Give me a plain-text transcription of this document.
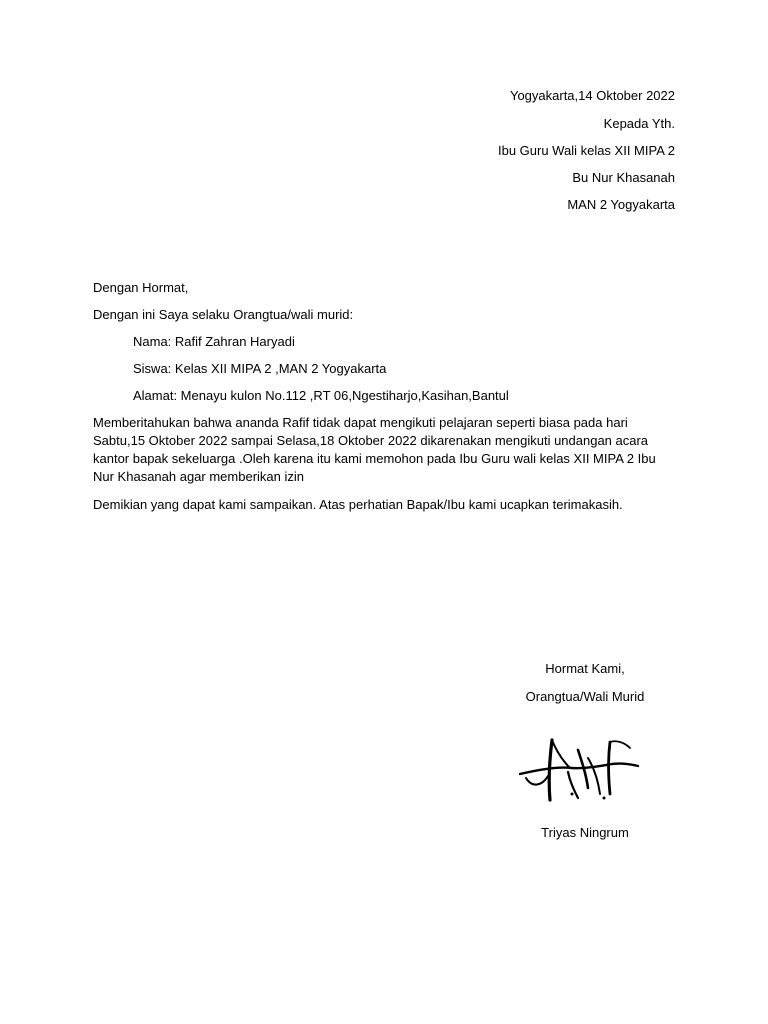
Yogyakarta,14 Oktober 2022
Kepada Yth.
Ibu Guru Wali kelas XII MIPA 2
Bu Nur Khasanah
MAN 2 Yogyakarta
Dengan Hormat,
Dengan ini Saya selaku Orangtua/wali murid:
Nama: Rafif Zahran Haryadi
Siswa: Kelas XII MIPA 2 ,MAN 2 Yogyakarta
Alamat: Menayu kulon No.112 ,RT 06,Ngestiharjo,Kasihan,Bantul
Memberitahukan bahwa ananda Rafif tidak dapat mengikuti pelajaran seperti biasa pada hari
Sabtu,15 Oktober 2022 sampai Selasa,18 Oktober 2022 dikarenakan mengikuti undangan acara
kantor bapak sekeluarga .Oleh karena itu kami memohon pada Ibu Guru wali kelas XII MIPA 2 Ibu
Nur Khasanah agar memberikan izin
Demikian yang dapat kami sampaikan. Atas perhatian Bapak/Ibu kami ucapkan terimakasih.
Hormat Kami,
Orangtua/Wali Murid
Triyas Ningrum
